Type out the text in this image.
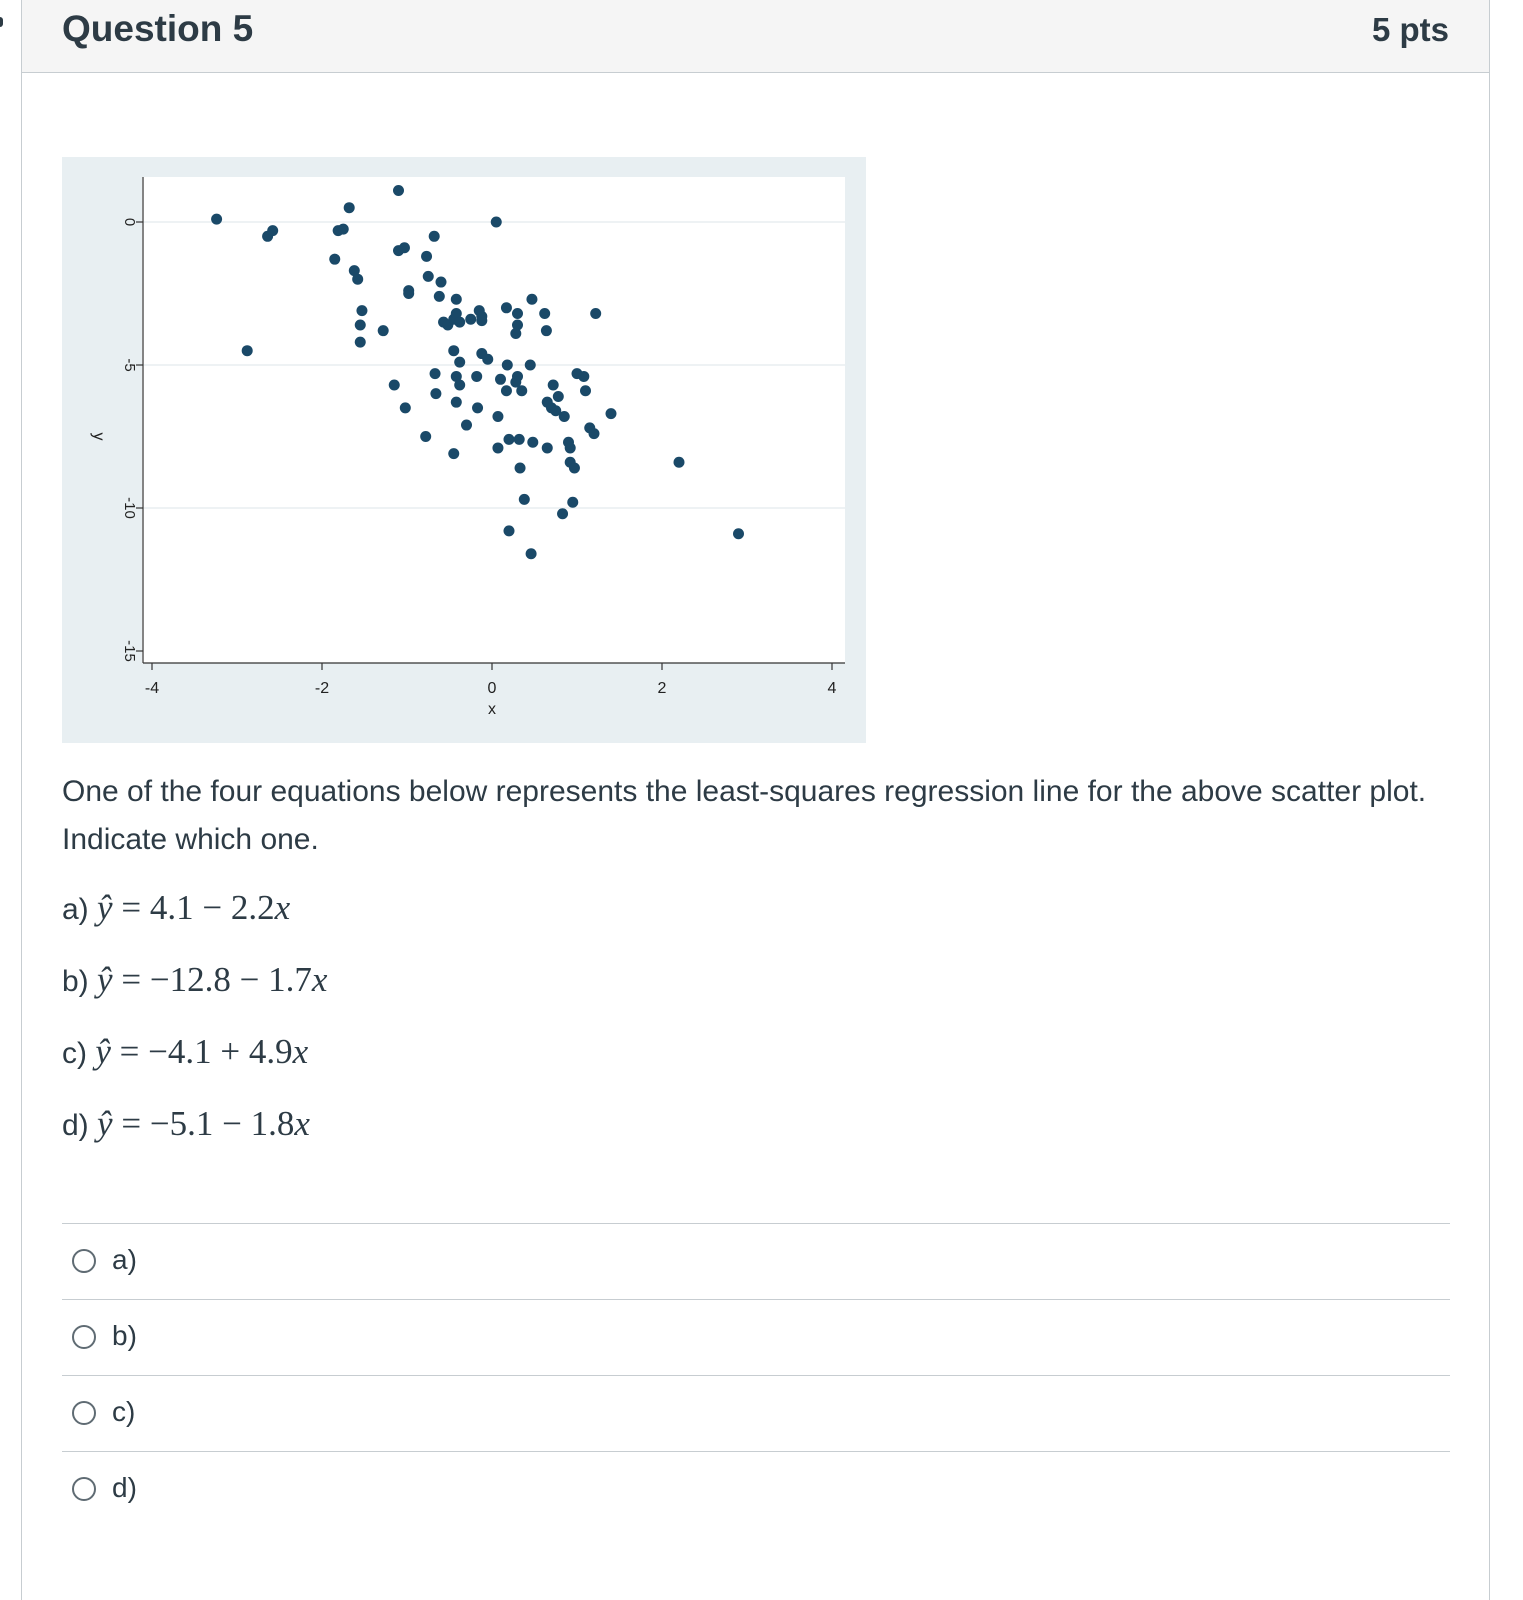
Question 5	5 pts
0
-5
-10
-15
-4	-2	0	2	4
x
y
One of the four equations below represents the least-squares regression line for the above scatter plot. Indicate which one.
a) ŷ = 4.1 − 2.2x
b) ŷ = −12.8 − 1.7x
c) ŷ = −4.1 + 4.9x
d) ŷ = −5.1 − 1.8x
a)
b)
c)
d)
